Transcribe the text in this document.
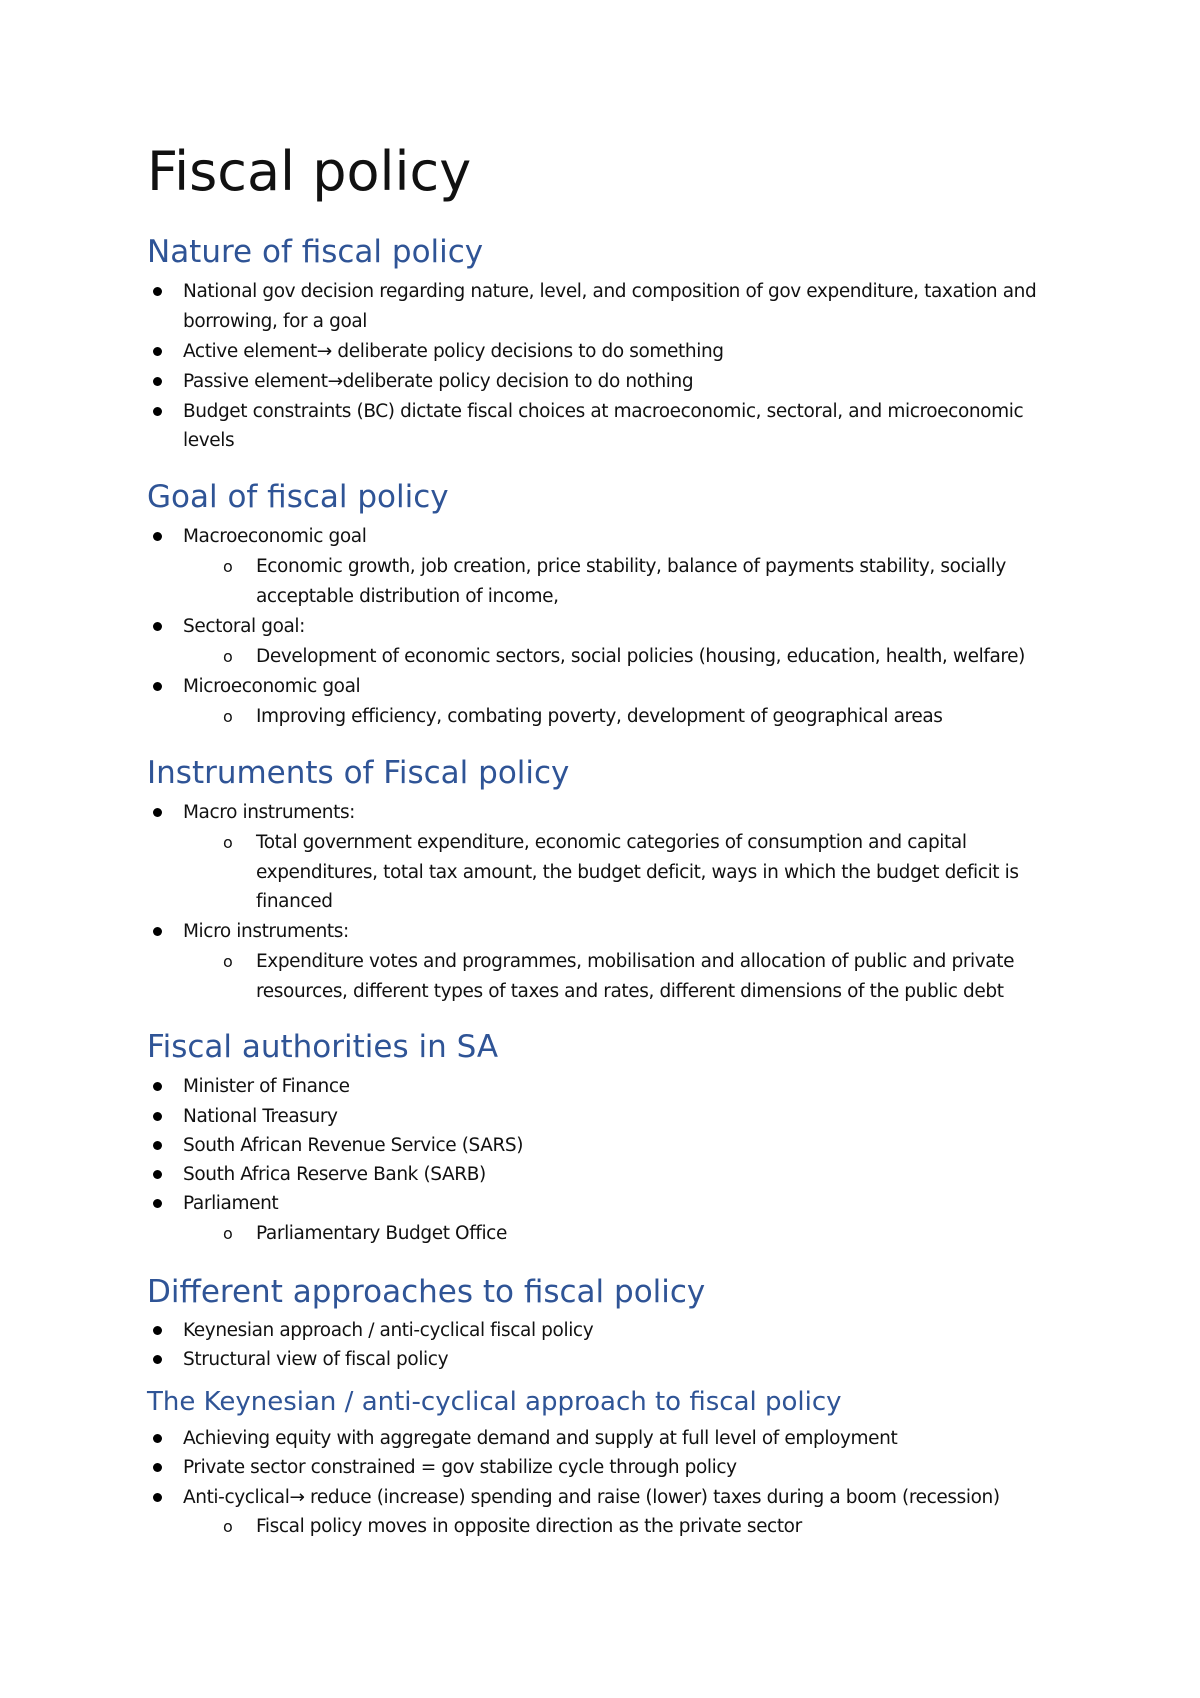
Fiscal policy
Nature of fiscal policy
National gov decision regarding nature, level, and composition of gov expenditure, taxation and
borrowing, for a goal
Active element→ deliberate policy decisions to do something
Passive element→deliberate policy decision to do nothing
Budget constraints (BC) dictate fiscal choices at macroeconomic, sectoral, and microeconomic
levels
Goal of fiscal policy
Macroeconomic goal
o Economic growth, job creation, price stability, balance of payments stability, socially
acceptable distribution of income,
Sectoral goal:
o Development of economic sectors, social policies (housing, education, health, welfare)
Microeconomic goal
o Improving efficiency, combating poverty, development of geographical areas
Instruments of Fiscal policy
Macro instruments:
o Total government expenditure, economic categories of consumption and capital
expenditures, total tax amount, the budget deficit, ways in which the budget deficit is
financed
Micro instruments:
o Expenditure votes and programmes, mobilisation and allocation of public and private
resources, different types of taxes and rates, different dimensions of the public debt
Fiscal authorities in SA
Minister of Finance
National Treasury
South African Revenue Service (SARS)
South Africa Reserve Bank (SARB)
Parliament
o Parliamentary Budget Office
Different approaches to fiscal policy
Keynesian approach / anti-cyclical fiscal policy
Structural view of fiscal policy
The Keynesian / anti-cyclical approach to fiscal policy
Achieving equity with aggregate demand and supply at full level of employment
Private sector constrained = gov stabilize cycle through policy
Anti-cyclical→ reduce (increase) spending and raise (lower) taxes during a boom (recession)
o Fiscal policy moves in opposite direction as the private sector
